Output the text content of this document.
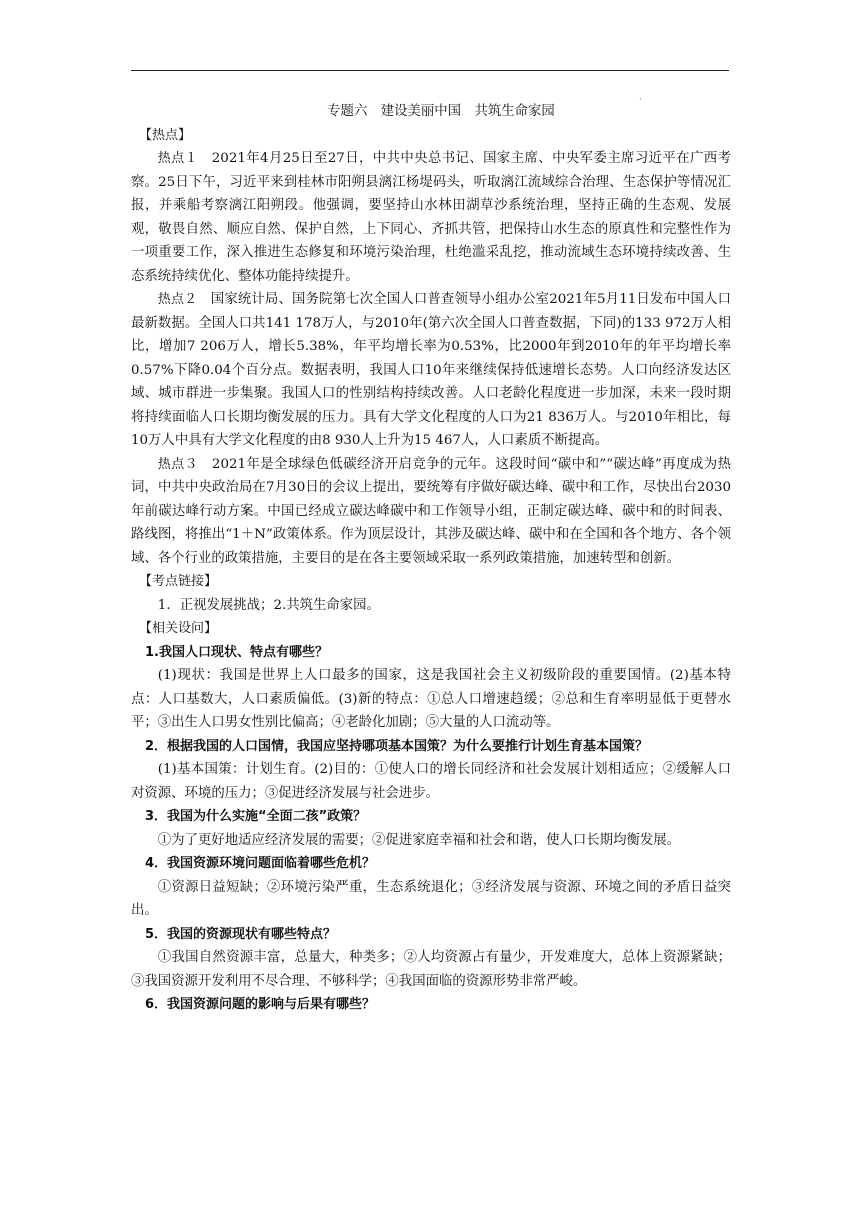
·

专题六　建设美丽中国　共筑生命家园

【热点】

热点１　2021年4月25日至27日，中共中央总书记、国家主席、中央军委主席习近平在广西考察。25日下午，习近平来到桂林市阳朔县漓江杨堤码头，听取漓江流域综合治理、生态保护等情况汇报，并乘船考察漓江阳朔段。他强调，要坚持山水林田湖草沙系统治理，坚持正确的生态观、发展观，敬畏自然、顺应自然、保护自然，上下同心、齐抓共管，把保持山水生态的原真性和完整性作为一项重要工作，深入推进生态修复和环境污染治理，杜绝滥采乱挖，推动流域生态环境持续改善、生态系统持续优化、整体功能持续提升。

热点２　国家统计局、国务院第七次全国人口普查领导小组办公室2021年5月11日发布中国人口最新数据。全国人口共141 178万人，与2010年(第六次全国人口普查数据，下同)的133 972万人相比，增加7 206万人，增长5.38%，年平均增长率为0.53%，比2000年到2010年的年平均增长率0.57%下降0.04个百分点。数据表明，我国人口10年来继续保持低速增长态势。人口向经济发达区域、城市群进一步集聚。我国人口的性别结构持续改善。人口老龄化程度进一步加深，未来一段时期将持续面临人口长期均衡发展的压力。具有大学文化程度的人口为21 836万人。与2010年相比，每10万人中具有大学文化程度的由8 930人上升为15 467人，人口素质不断提高。

热点３　2021年是全球绿色低碳经济开启竞争的元年。这段时间“碳中和”“碳达峰”再度成为热词，中共中央政治局在7月30日的会议上提出，要统筹有序做好碳达峰、碳中和工作，尽快出台2030年前碳达峰行动方案。中国已经成立碳达峰碳中和工作领导小组，正制定碳达峰、碳中和的时间表、路线图，将推出“1＋N”政策体系。作为顶层设计，其涉及碳达峰、碳中和在全国和各个地方、各个领域、各个行业的政策措施，主要目的是在各主要领域采取一系列政策措施，加速转型和创新。

【考点链接】

1．正视发展挑战；2.共筑生命家园。

【相关设问】

1.我国人口现状、特点有哪些？

(1)现状：我国是世界上人口最多的国家，这是我国社会主义初级阶段的重要国情。(2)基本特点：人口基数大，人口素质偏低。(3)新的特点：①总人口增速趋缓；②总和生育率明显低于更替水平；③出生人口男女性别比偏高；④老龄化加剧；⑤大量的人口流动等。

2．根据我国的人口国情，我国应坚持哪项基本国策？为什么要推行计划生育基本国策？

(1)基本国策：计划生育。(2)目的：①使人口的增长同经济和社会发展计划相适应；②缓解人口对资源、环境的压力；③促进经济发展与社会进步。

3．我国为什么实施“全面二孩”政策？

①为了更好地适应经济发展的需要；②促进家庭幸福和社会和谐，使人口长期均衡发展。

4．我国资源环境问题面临着哪些危机？

①资源日益短缺；②环境污染严重，生态系统退化；③经济发展与资源、环境之间的矛盾日益突出。

5．我国的资源现状有哪些特点？

①我国自然资源丰富，总量大，种类多；②人均资源占有量少，开发难度大，总体上资源紧缺；③我国资源开发利用不尽合理、不够科学；④我国面临的资源形势非常严峻。

6．我国资源问题的影响与后果有哪些？
